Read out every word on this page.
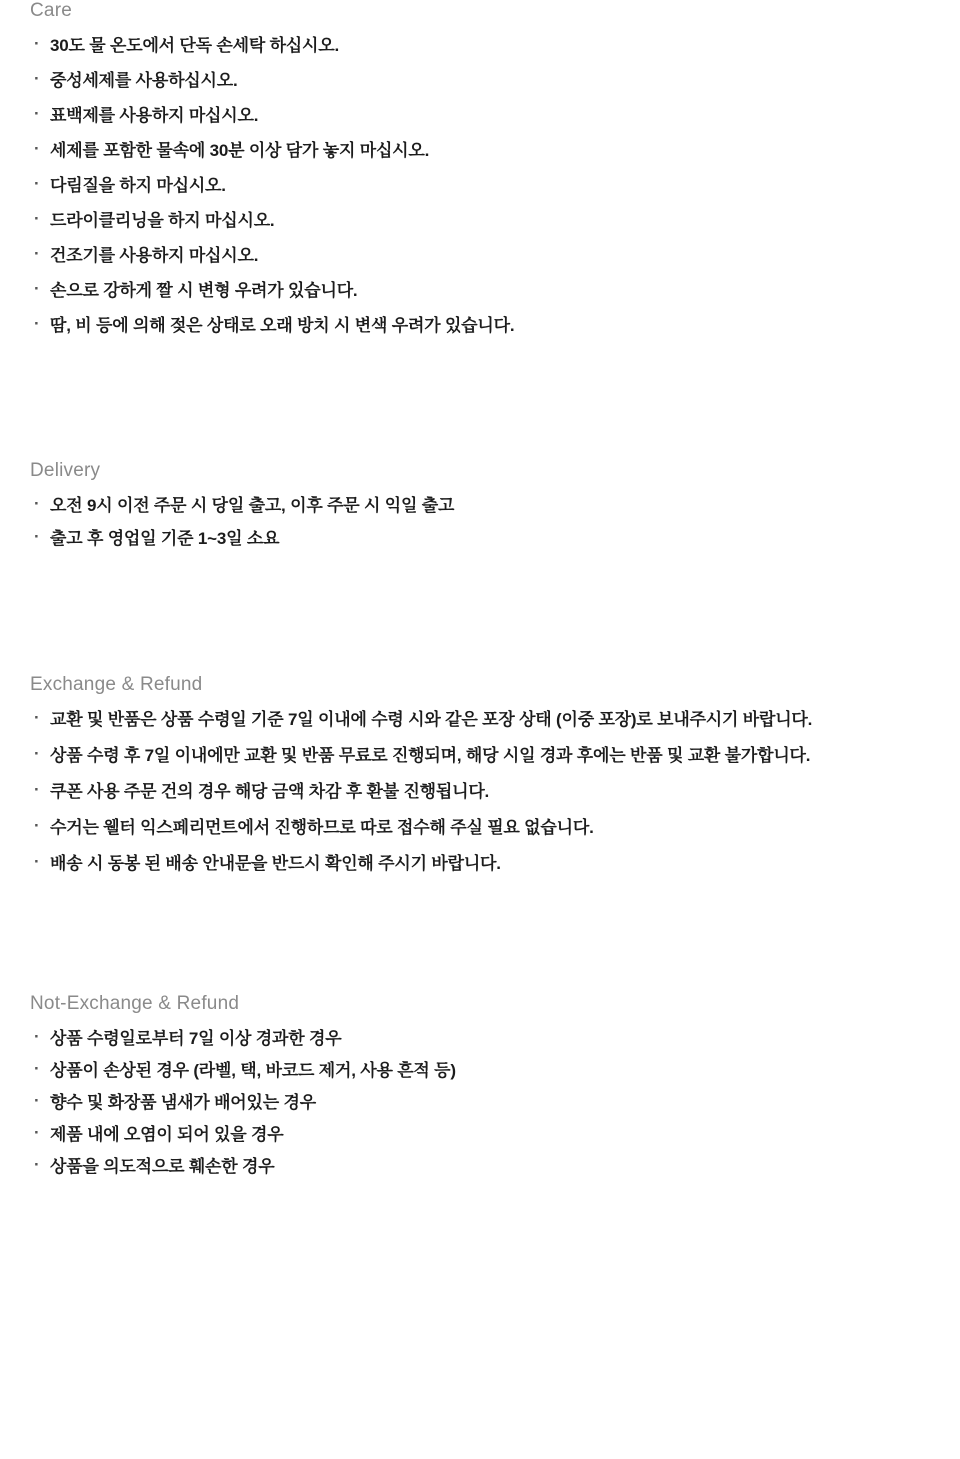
Care
· 30도 물 온도에서 단독 손세탁 하십시오.
· 중성세제를 사용하십시오.
· 표백제를 사용하지 마십시오.
· 세제를 포함한 물속에 30분 이상 담가 놓지 마십시오.
· 다림질을 하지 마십시오.
· 드라이클리닝을 하지 마십시오.
· 건조기를 사용하지 마십시오.
· 손으로 강하게 짤 시 변형 우려가 있습니다.
· 땀, 비 등에 의해 젖은 상태로 오래 방치 시 변색 우려가 있습니다.
Delivery
· 오전 9시 이전 주문 시 당일 출고, 이후 주문 시 익일 출고
· 출고 후 영업일 기준 1~3일 소요
Exchange & Refund
· 교환 및 반품은 상품 수령일 기준 7일 이내에 수령 시와 같은 포장 상태 (이중 포장)로 보내주시기 바랍니다.
· 상품 수령 후 7일 이내에만 교환 및 반품 무료로 진행되며, 해당 시일 경과 후에는 반품 및 교환 불가합니다.
· 쿠폰 사용 주문 건의 경우 해당 금액 차감 후 환불 진행됩니다.
· 수거는 웰터 익스페리먼트에서 진행하므로 따로 접수해 주실 필요 없습니다.
· 배송 시 동봉 된 배송 안내문을 반드시 확인해 주시기 바랍니다.
Not-Exchange & Refund
· 상품 수령일로부터 7일 이상 경과한 경우
· 상품이 손상된 경우 (라벨, 택, 바코드 제거, 사용 흔적 등)
· 향수 및 화장품 냄새가 배어있는 경우
· 제품 내에 오염이 되어 있을 경우
· 상품을 의도적으로 훼손한 경우
